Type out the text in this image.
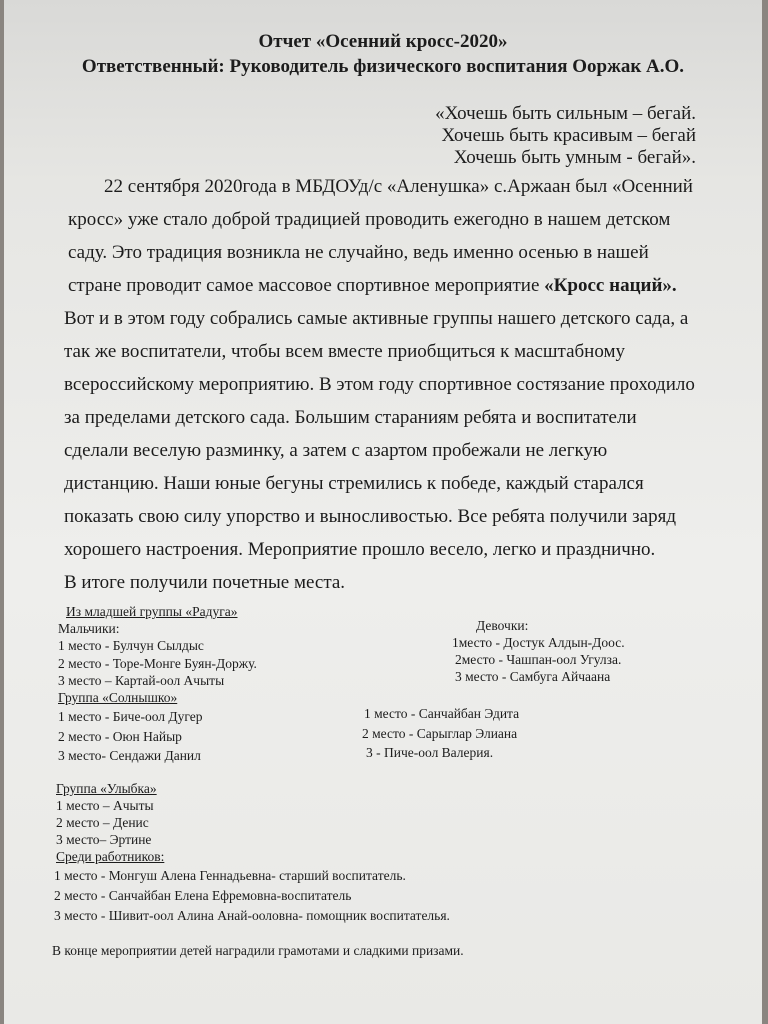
Отчет «Осенний кросс-2020»
Ответственный: Руководитель физического воспитания Ооржак А.О.
«Хочешь быть сильным – бегай.
Хочешь быть красивым – бегай
Хочешь быть умным - бегай».
22 сентября 2020года в МБДОУд/с «Аленушка» с.Аржаан был «Осенний
кросс» уже стало доброй традицией проводить ежегодно в нашем детском
саду. Это традиция возникла не случайно, ведь именно осенью в нашей
стране проводит самое массовое спортивное мероприятие «Кросс наций».
Вот и в этом году собрались самые активные группы нашего детского сада, а
так же воспитатели, чтобы всем вместе приобщиться к масштабному
всероссийскому мероприятию. В этом году спортивное состязание проходило
за пределами детского сада. Большим стараниям ребята и воспитатели
сделали веселую разминку, а затем с азартом пробежали не легкую
дистанцию. Наши юные бегуны стремились к победе, каждый старался
показать свою силу упорство и выносливостью. Все ребята получили заряд
хорошего настроения. Мероприятие прошло весело, легко и празднично.
В итоге получили почетные места.
Из младшей группы «Радуга»
Мальчики:
1 место - Булчун Сылдыс
2 место - Торе-Монге Буян-Доржу.
3 место – Картай-оол Ачыты
Девочки:
1место - Достук Алдын-Доос.
2место - Чашпан-оол Угулза.
3 место - Самбуга Айчаана
Группа «Солнышко»
1 место - Биче-оол Дугер
2 место - Оюн Найыр
3 место- Сендажи Данил
1 место - Санчайбан Эдита
2 место - Сарыглар Элиана
3 - Пиче-оол Валерия.
Группа «Улыбка»
1 место – Ачыты
2 место – Денис
3 место– Эртине
Среди работников:
1 место - Монгуш Алена Геннадьевна- старший воспитатель.
2 место - Санчайбан Елена Ефремовна-воспитатель
3 место - Шивит-оол Алина Анай-ооловна- помощник воспитателья.
В конце мероприятии детей наградили грамотами и сладкими призами.
